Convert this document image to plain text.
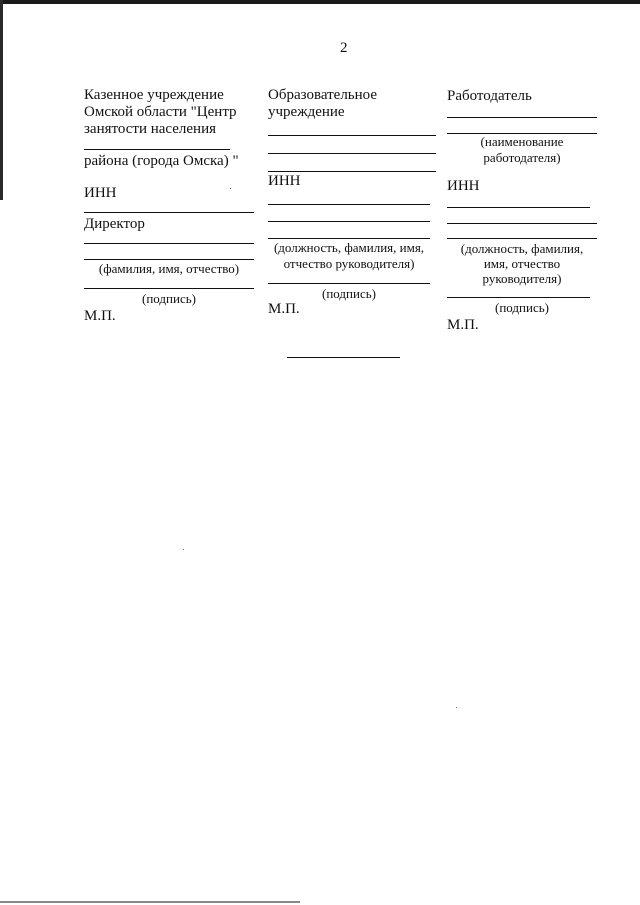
2
Казенное учреждение
Омской области "Центр
занятости населения
района (города Омска) "
ИНН
Директор
(фамилия, имя, отчество)
(подпись)
М.П.
Образовательное
учреждение
ИНН
(должность, фамилия, имя,
отчество руководителя)
(подпись)
М.П.
Работодатель
(наименование
работодателя)
ИНН
(должность, фамилия,
имя, отчество
руководителя)
(подпись)
М.П.
